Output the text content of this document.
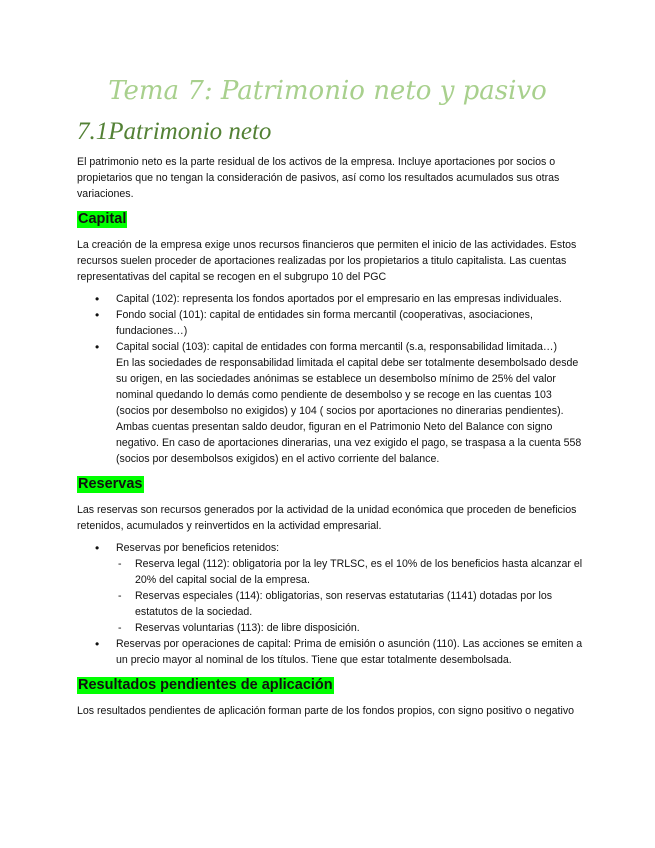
Tema 7: Patrimonio neto y pasivo
7.1Patrimonio neto

El patrimonio neto es la parte residual de los activos de la empresa. Incluye aportaciones por socios o propietarios que no tengan la consideración de pasivos, así como los resultados acumulados sus otras variaciones.

Capital

La creación de la empresa exige unos recursos financieros que permiten el inicio de las actividades. Estos recursos suelen proceder de aportaciones realizadas por los propietarios a titulo capitalista. Las cuentas representativas del capital se recogen en el subgrupo 10 del PGC

• Capital (102): representa los fondos aportados por el empresario en las empresas individuales.
• Fondo social (101): capital de entidades sin forma mercantil (cooperativas, asociaciones, fundaciones…)
• Capital social (103): capital de entidades con forma mercantil (s.a, responsabilidad limitada…)
En las sociedades de responsabilidad limitada el capital debe ser totalmente desembolsado desde su origen, en las sociedades anónimas se establece un desembolso mínimo de 25% del valor nominal quedando lo demás como pendiente de desembolso y se recoge en las cuentas 103 (socios por desembolso no exigidos) y 104 ( socios por aportaciones no dinerarias pendientes). Ambas cuentas presentan saldo deudor, figuran en el Patrimonio Neto del Balance con signo negativo. En caso de aportaciones dinerarias, una vez exigido el pago, se traspasa a la cuenta 558 (socios por desembolsos exigidos) en el activo corriente del balance.
Reservas

Las reservas son recursos generados por la actividad de la unidad económica que proceden de beneficios retenidos, acumulados y reinvertidos en la actividad empresarial.

• Reservas por beneficios retenidos:
- Reserva legal (112): obligatoria por la ley TRLSC, es el 10% de los beneficios hasta alcanzar el 20% del capital social de la empresa.
- Reservas especiales (114): obligatorias, son reservas estatutarias (1141) dotadas por los estatutos de la sociedad.
- Reservas voluntarias (113): de libre disposición.
• Reservas por operaciones de capital: Prima de emisión o asunción (110). Las acciones se emiten a un precio mayor al nominal de los títulos. Tiene que estar totalmente desembolsada.
Resultados pendientes de aplicación

Los resultados pendientes de aplicación forman parte de los fondos propios, con signo positivo o negativo
